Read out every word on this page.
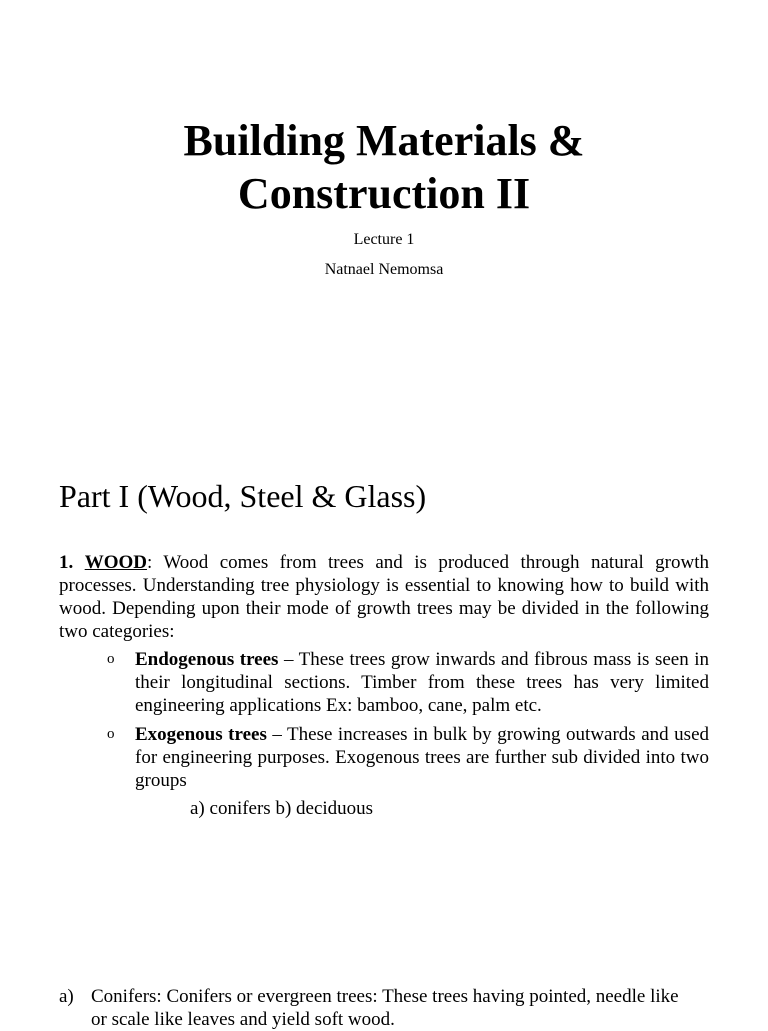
Building Materials &
Construction II
Lecture 1
Natnael Nemomsa
Part I (Wood, Steel & Glass)

1. WOOD: Wood comes from trees and is produced through natural growth processes. Understanding tree physiology is essential to knowing how to build with wood. Depending upon their mode of growth trees may be divided in the following two categories:

o Endogenous trees – These trees grow inwards and fibrous mass is seen in their longitudinal sections. Timber from these trees has very limited engineering applications Ex: bamboo, cane, palm etc.
o Exogenous trees – These increases in bulk by growing outwards and used for engineering purposes. Exogenous trees are further sub divided into two groups
a) conifers b) deciduous
a) Conifers: Conifers or evergreen trees: These trees having pointed, needle like or scale like leaves and yield soft wood.
